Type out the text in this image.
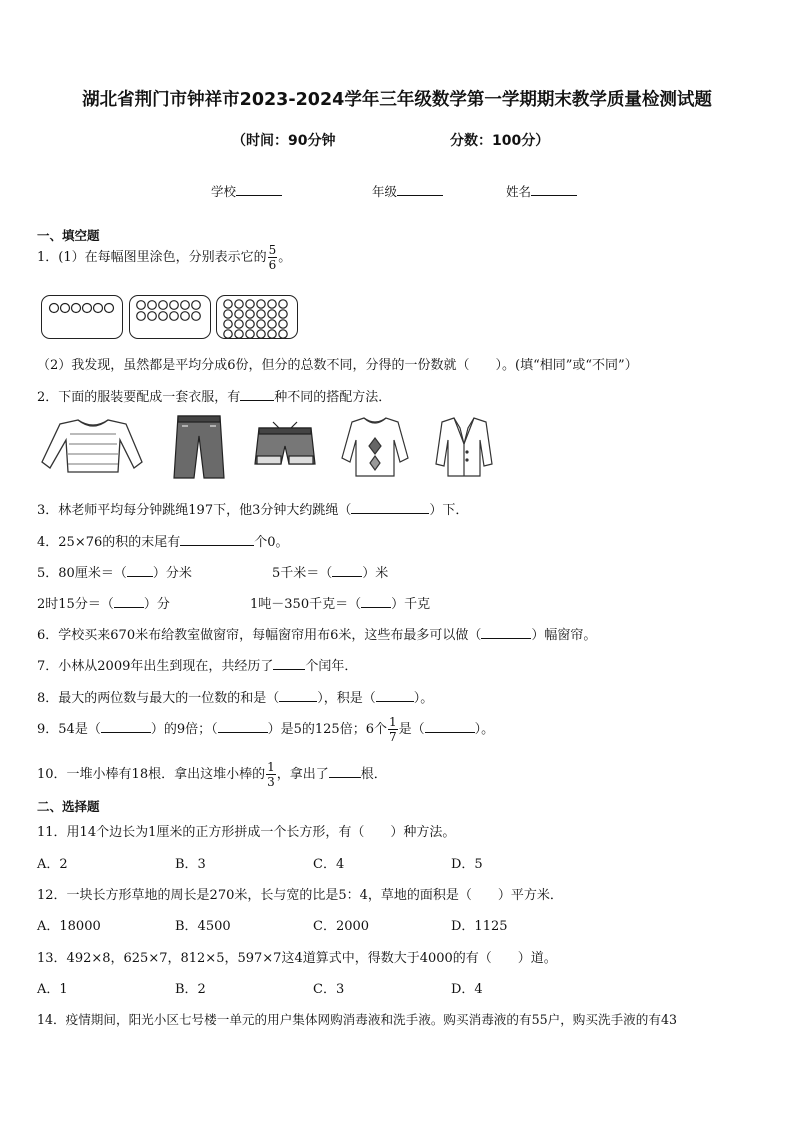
湖北省荆门市钟祥市2023-2024学年三年级数学第一学期期末教学质量检测试题
（时间：90分钟	分数：100分）
学校	年级	姓名
一、填空题
1．(1）在每幅图里涂色，分别表示它的 $\frac{5}{6}$ 。
（2）我发现，虽然都是平均分成6份，但分的总数不同，分得的一份数就（　　）。(填“相同”或“不同”）
2．下面的服装要配成一套衣服，有	种不同的搭配方法．
3．林老师平均每分钟跳绳197下，他3分钟大约跳绳（	）下．
4．25×76的积的末尾有	个0。
5．80厘米＝（ ）分米	5千米＝（ ）米
2时15分＝（ ）分	1吨－350千克＝（ ）千克
6．学校买来670米布给教室做窗帘，每幅窗帘用布6米，这些布最多可以做（	）幅窗帘。
7．小林从2009年出生到现在，共经历了 个闰年．
8．最大的两位数与最大的一位数的和是（	），积是（	）。
9．54是（	）的9倍；（	）是5的125倍；6个 $\frac{1}{7}$ 是（	）。
10．一堆小棒有18根．拿出这堆小棒的 $\frac{1}{3}$ ，拿出了 根．
二、选择题
11．用14个边长为1厘米的正方形拼成一个长方形，有（　　）种方法。
A．2	B．3	C．4	D．5
12．一块长方形草地的周长是270米，长与宽的比是5：4，草地的面积是（　　）平方米．
A．18000	B．4500	C．2000	D．1125
13．492×8，625×7，812×5，597×7这4道算式中，得数大于4000的有（　　）道。
A．1	B．2	C．3	D．4
14．疫情期间，阳光小区七号楼一单元的用户集体网购消毒液和洗手液。购买消毒液的有55户，购买洗手液的有43
